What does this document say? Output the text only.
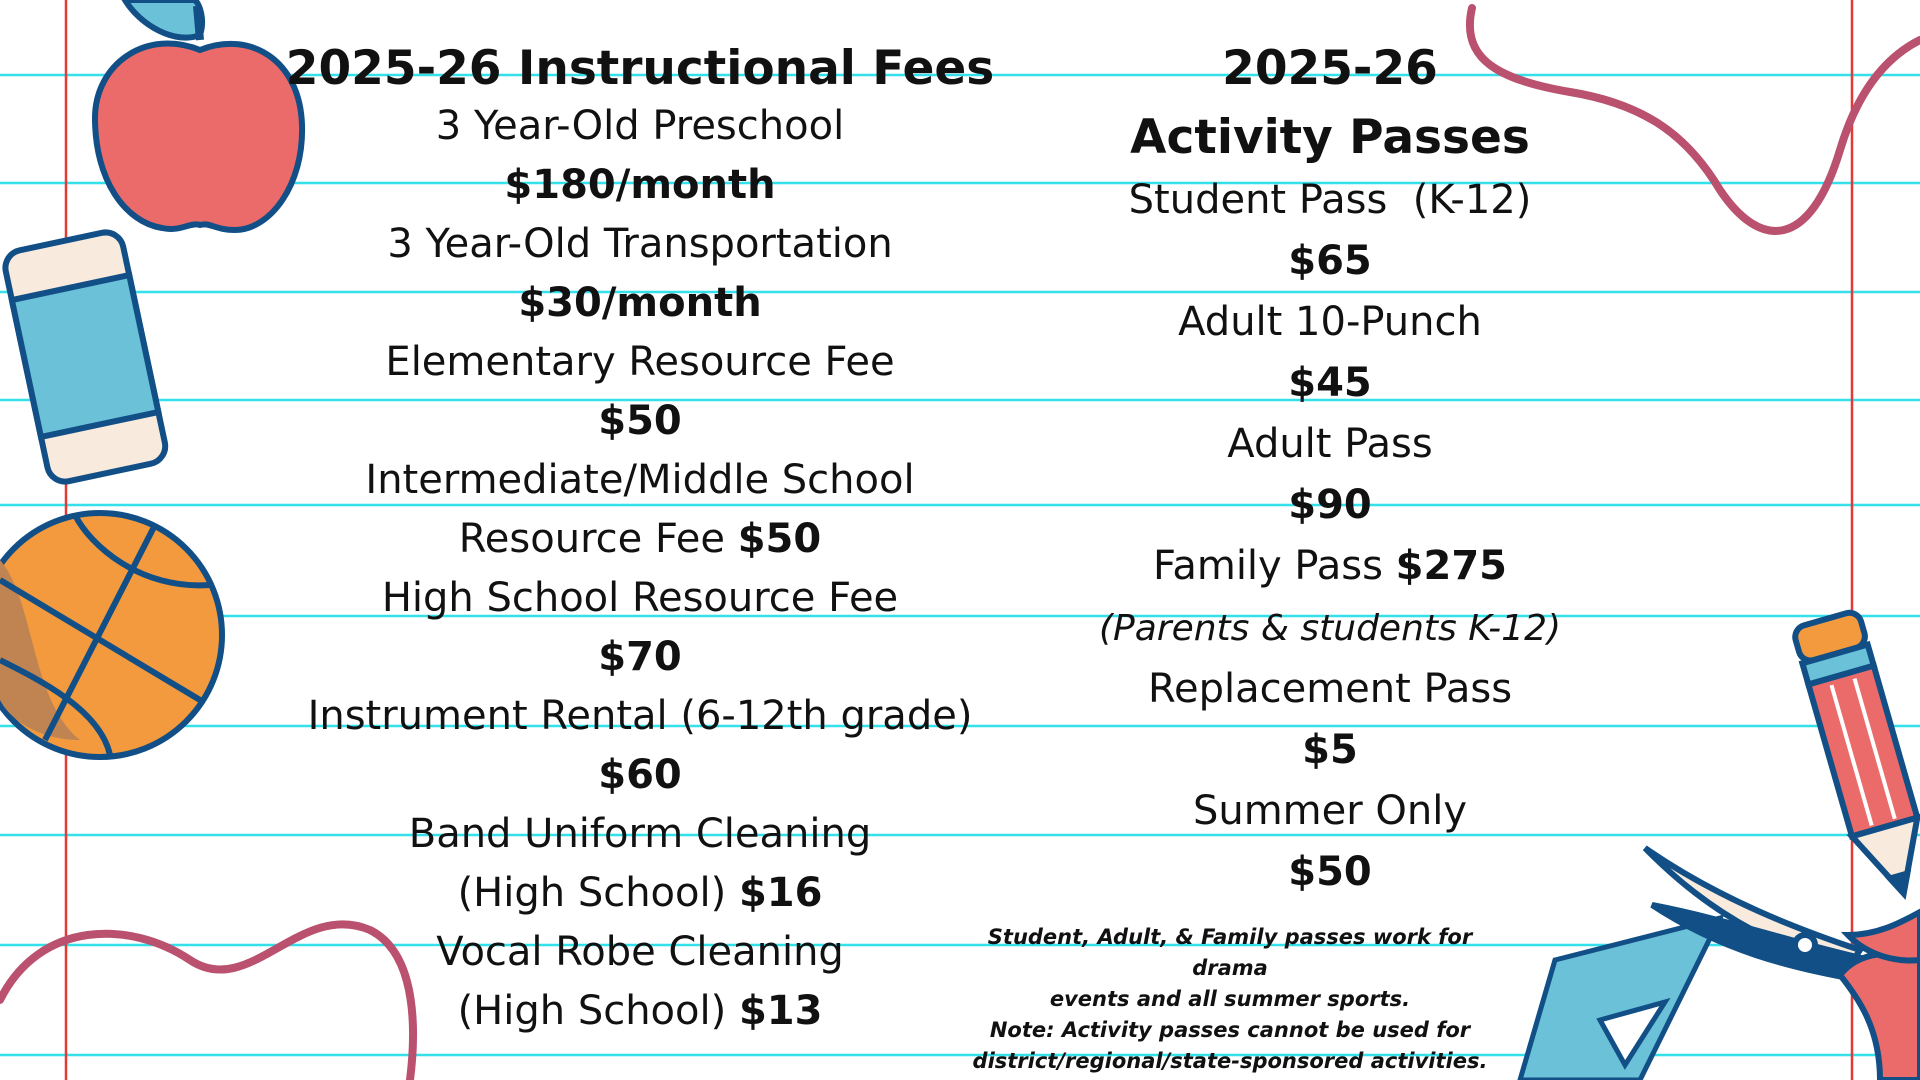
2025-26 Instructional Fees
3 Year-Old Preschool
$180/month
3 Year-Old Transportation
$30/month
Elementary Resource Fee
$50
Intermediate/Middle School
Resource Fee $50
High School Resource Fee
$70
Instrument Rental (6-12th grade)
$60
Band Uniform Cleaning
(High School) $16
Vocal Robe Cleaning
(High School) $13
2025-26
Activity Passes
Student Pass  (K-12)
$65
Adult 10-Punch
$45
Adult Pass
$90
Family Pass $275
(Parents & students K-12)
Replacement Pass
$5
Summer Only
$50
Student, Adult, & Family passes work for drama
events and all summer sports.
Note: Activity passes cannot be used for
district/regional/state-sponsored activities.
